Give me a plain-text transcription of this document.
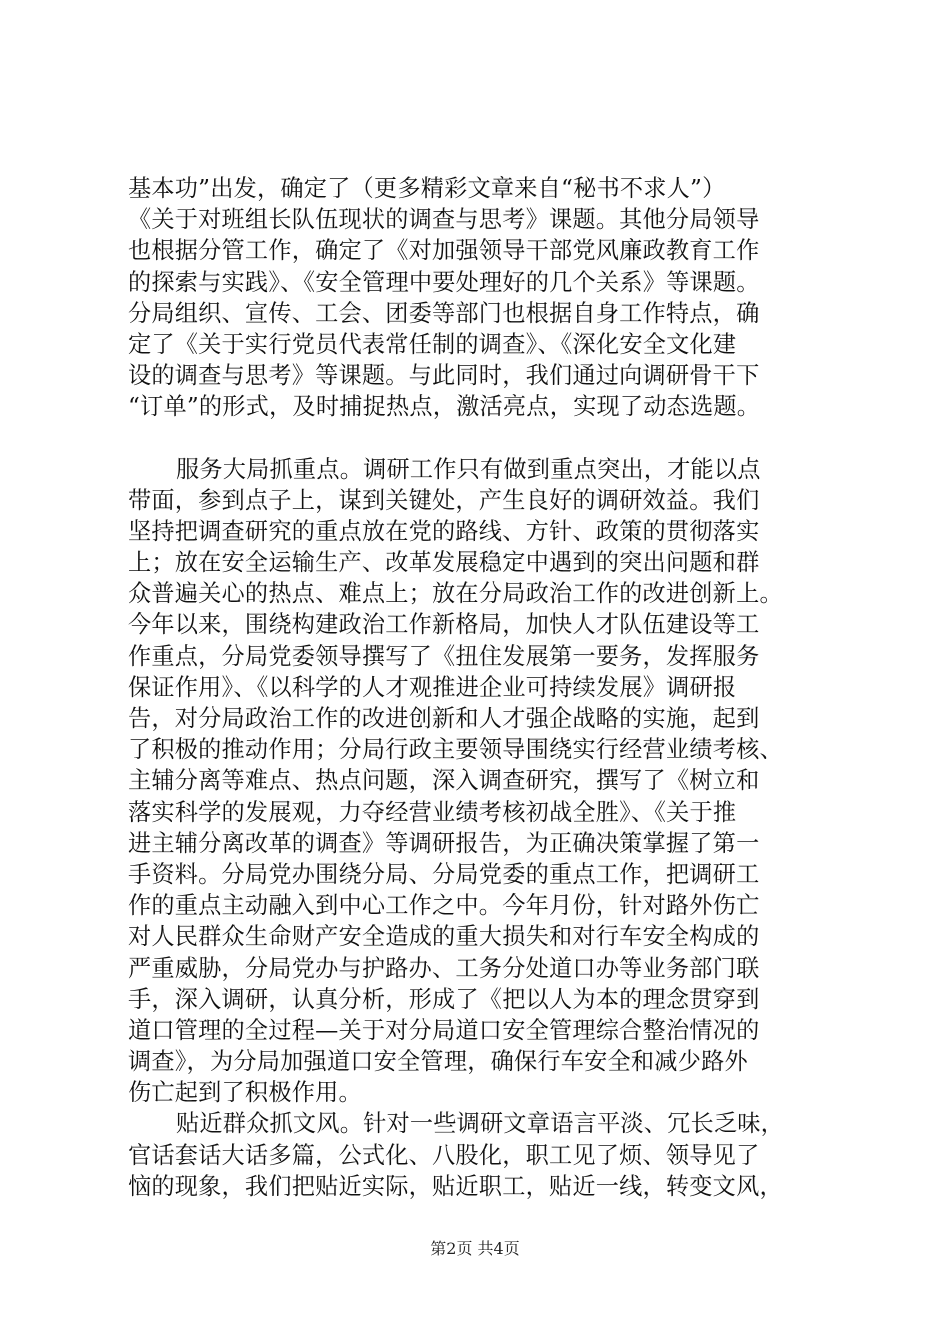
基本功”出发，确定了（更多精彩文章来自“秘书不求人”）
《关于对班组长队伍现状的调查与思考》课题。其他分局领导
也根据分管工作，确定了《对加强领导干部党风廉政教育工作
的探索与实践》、《安全管理中要处理好的几个关系》等课题。
分局组织、宣传、工会、团委等部门也根据自身工作特点，确
定了《关于实行党员代表常任制的调查》、《深化安全文化建
设的调查与思考》等课题。与此同时，我们通过向调研骨干下
“订单”的形式，及时捕捉热点，激活亮点，实现了动态选题。
服务大局抓重点。调研工作只有做到重点突出，才能以点
带面，参到点子上，谋到关键处，产生良好的调研效益。我们
坚持把调查研究的重点放在党的路线、方针、政策的贯彻落实
上；放在安全运输生产、改革发展稳定中遇到的突出问题和群
众普遍关心的热点、难点上；放在分局政治工作的改进创新上。
今年以来，围绕构建政治工作新格局，加快人才队伍建设等工
作重点，分局党委领导撰写了《扭住发展第一要务，发挥服务
保证作用》、《以科学的人才观推进企业可持续发展》调研报
告，对分局政治工作的改进创新和人才强企战略的实施，起到
了积极的推动作用；分局行政主要领导围绕实行经营业绩考核、
主辅分离等难点、热点问题，深入调查研究，撰写了《树立和
落实科学的发展观，力夺经营业绩考核初战全胜》、《关于推
进主辅分离改革的调查》等调研报告，为正确决策掌握了第一
手资料。分局党办围绕分局、分局党委的重点工作，把调研工
作的重点主动融入到中心工作之中。今年月份，针对路外伤亡
对人民群众生命财产安全造成的重大损失和对行车安全构成的
严重威胁，分局党办与护路办、工务分处道口办等业务部门联
手，深入调研，认真分析，形成了《把以人为本的理念贯穿到
道口管理的全过程—关于对分局道口安全管理综合整治情况的
调查》，为分局加强道口安全管理，确保行车安全和减少路外
伤亡起到了积极作用。
贴近群众抓文风。针对一些调研文章语言平淡、冗长乏味，
官话套话大话多篇，公式化、八股化，职工见了烦、领导见了
恼的现象，我们把贴近实际，贴近职工，贴近一线，转变文风，
第2页 共4页
